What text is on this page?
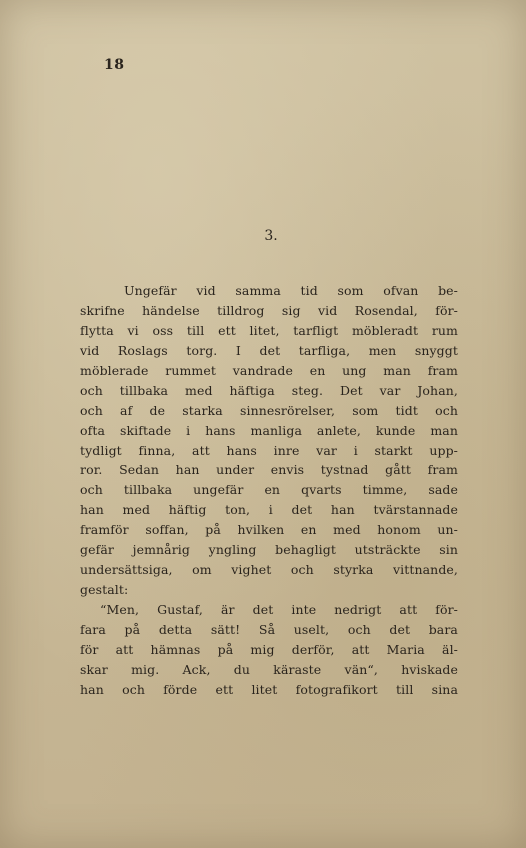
18
3.
Ungefär vid samma tid som ofvan be-
skrifne händelse tilldrog sig vid Rosendal, för-
flytta vi oss till ett litet, tarfligt möbleradt rum
vid Roslags torg. I det tarfliga, men snyggt
möblerade rummet vandrade en ung man fram
och tillbaka med häftiga steg. Det var Johan,
och af de starka sinnesrörelser, som tidt och
ofta skiftade i hans manliga anlete, kunde man
tydligt finna, att hans inre var i starkt upp-
ror. Sedan han under envis tystnad gått fram
och tillbaka ungefär en qvarts timme, sade
han med häftig ton, i det han tvärstannade
framför soffan, på hvilken en med honom un-
gefär jemnårig yngling behagligt utsträckte sin
undersättsiga, om vighet och styrka vittnande,
gestalt:
“Men, Gustaf, är det inte nedrigt att för-
fara på detta sätt! Så uselt, och det bara
för att hämnas på mig derför, att Maria äl-
skar mig. Ack, du käraste vän“, hviskade
han och förde ett litet fotografikort till sina
